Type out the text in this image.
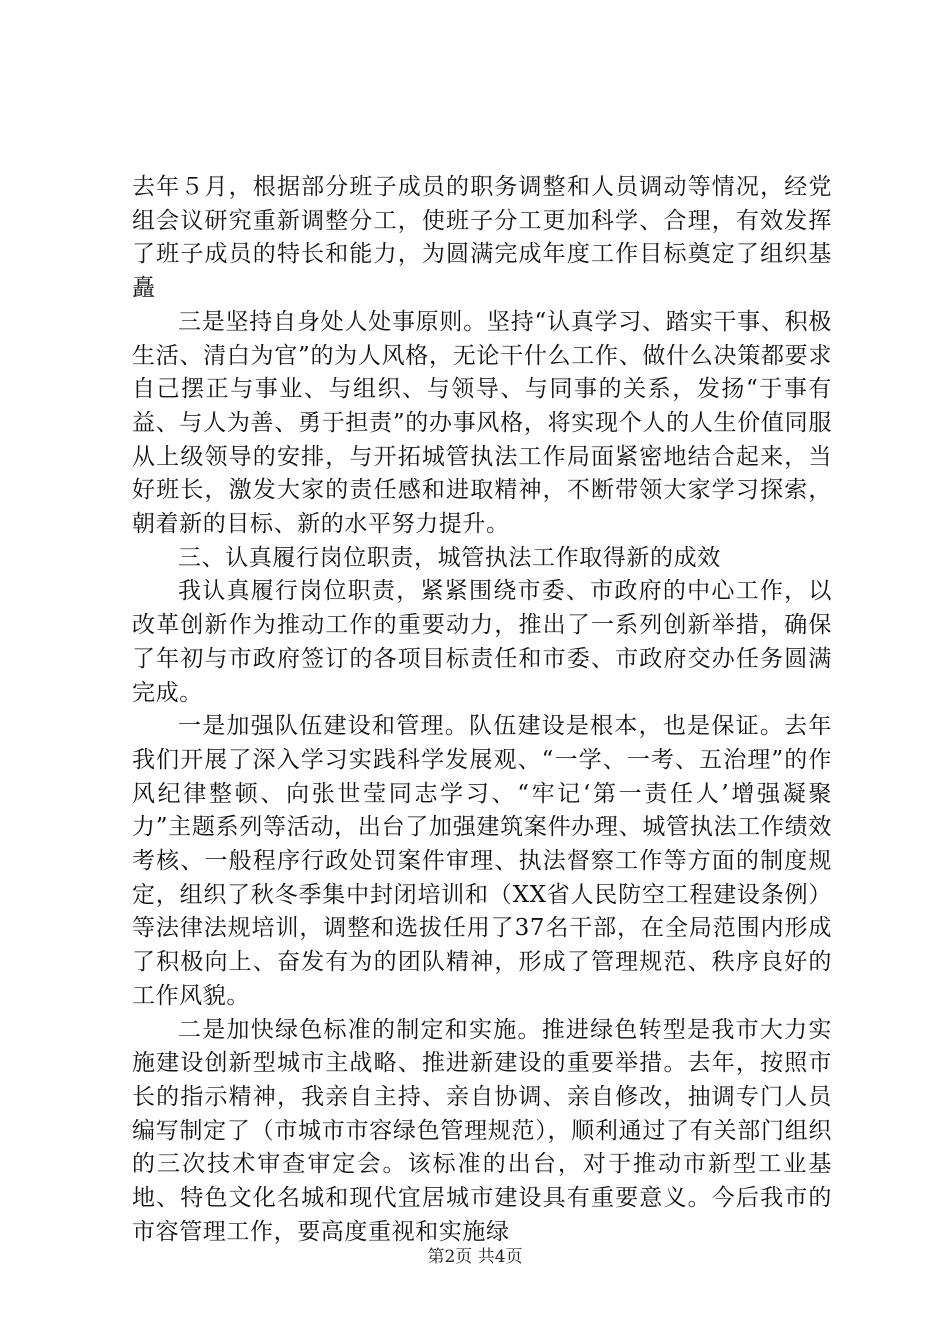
去年５月，根据部分班子成员的职务调整和人员调动等情况，经党组会议研究重新调整分工，使班子分工更加科学、合理，有效发挥了班子成员的特长和能力，为圆满完成年度工作目标奠定了组织基矗

三是坚持自身处人处事原则。坚持“认真学习、踏实干事、积极生活、清白为官”的为人风格，无论干什么工作、做什么决策都要求自己摆正与事业、与组织、与领导、与同事的关系，发扬“于事有益、与人为善、勇于担责”的办事风格，将实现个人的人生价值同服从上级领导的安排，与开拓城管执法工作局面紧密地结合起来，当好班长，激发大家的责任感和进取精神，不断带领大家学习探索，朝着新的目标、新的水平努力提升。

三、认真履行岗位职责，城管执法工作取得新的成效

我认真履行岗位职责，紧紧围绕市委、市政府的中心工作，以改革创新作为推动工作的重要动力，推出了一系列创新举措，确保了年初与市政府签订的各项目标责任和市委、市政府交办任务圆满完成。

一是加强队伍建设和管理。队伍建设是根本，也是保证。去年我们开展了深入学习实践科学发展观、“一学、一考、五治理”的作风纪律整顿、向张世莹同志学习、“牢记‘第一责任人’增强凝聚力”主题系列等活动，出台了加强建筑案件办理、城管执法工作绩效考核、一般程序行政处罚案件审理、执法督察工作等方面的制度规定，组织了秋冬季集中封闭培训和（XX省人民防空工程建设条例）等法律法规培训，调整和选拔任用了37名干部，在全局范围内形成了积极向上、奋发有为的团队精神，形成了管理规范、秩序良好的工作风貌。

二是加快绿色标准的制定和实施。推进绿色转型是我市大力实施建设创新型城市主战略、推进新建设的重要举措。去年，按照市长的指示精神，我亲自主持、亲自协调、亲自修改，抽调专门人员编写制定了（市城市市容绿色管理规范），顺利通过了有关部门组织的三次技术审查审定会。该标准的出台，对于推动市新型工业基地、特色文化名城和现代宜居城市建设具有重要意义。今后我市的市容管理工作，要高度重视和实施绿

第2页 共4页
